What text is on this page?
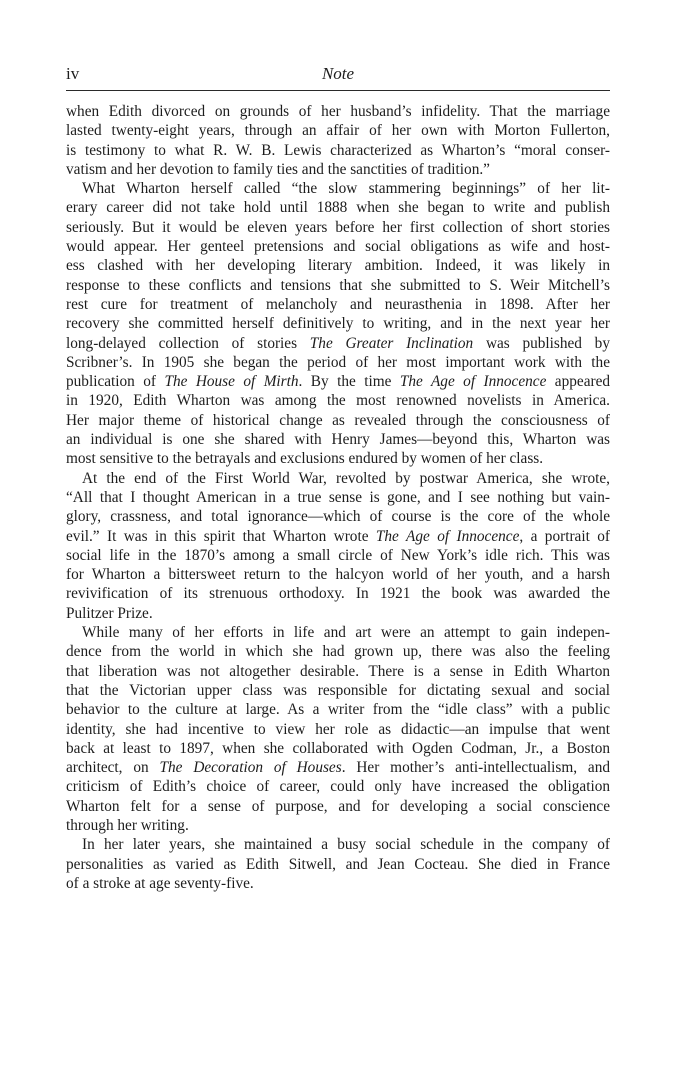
iv	Note
when Edith divorced on grounds of her husband’s infidelity. That the marriage
lasted twenty-eight years, through an affair of her own with Morton Fullerton,
is testimony to what R. W. B. Lewis characterized as Wharton’s “moral conser-
vatism and her devotion to family ties and the sanctities of tradition.”
What Wharton herself called “the slow stammering beginnings” of her lit-
erary career did not take hold until 1888 when she began to write and publish
seriously. But it would be eleven years before her first collection of short stories
would appear. Her genteel pretensions and social obligations as wife and host-
ess clashed with her developing literary ambition. Indeed, it was likely in
response to these conflicts and tensions that she submitted to S. Weir Mitchell’s
rest cure for treatment of melancholy and neurasthenia in 1898. After her
recovery she committed herself definitively to writing, and in the next year her
long-delayed collection of stories The Greater Inclination was published by
Scribner’s. In 1905 she began the period of her most important work with the
publication of The House of Mirth. By the time The Age of Innocence appeared
in 1920, Edith Wharton was among the most renowned novelists in America.
Her major theme of historical change as revealed through the consciousness of
an individual is one she shared with Henry James—beyond this, Wharton was
most sensitive to the betrayals and exclusions endured by women of her class.
At the end of the First World War, revolted by postwar America, she wrote,
“All that I thought American in a true sense is gone, and I see nothing but vain-
glory, crassness, and total ignorance—which of course is the core of the whole
evil.” It was in this spirit that Wharton wrote The Age of Innocence, a portrait of
social life in the 1870’s among a small circle of New York’s idle rich. This was
for Wharton a bittersweet return to the halcyon world of her youth, and a harsh
revivification of its strenuous orthodoxy. In 1921 the book was awarded the
Pulitzer Prize.
While many of her efforts in life and art were an attempt to gain indepen-
dence from the world in which she had grown up, there was also the feeling
that liberation was not altogether desirable. There is a sense in Edith Wharton
that the Victorian upper class was responsible for dictating sexual and social
behavior to the culture at large. As a writer from the “idle class” with a public
identity, she had incentive to view her role as didactic—an impulse that went
back at least to 1897, when she collaborated with Ogden Codman, Jr., a Boston
architect, on The Decoration of Houses. Her mother’s anti-intellectualism, and
criticism of Edith’s choice of career, could only have increased the obligation
Wharton felt for a sense of purpose, and for developing a social conscience
through her writing.
In her later years, she maintained a busy social schedule in the company of
personalities as varied as Edith Sitwell, and Jean Cocteau. She died in France
of a stroke at age seventy-five.
